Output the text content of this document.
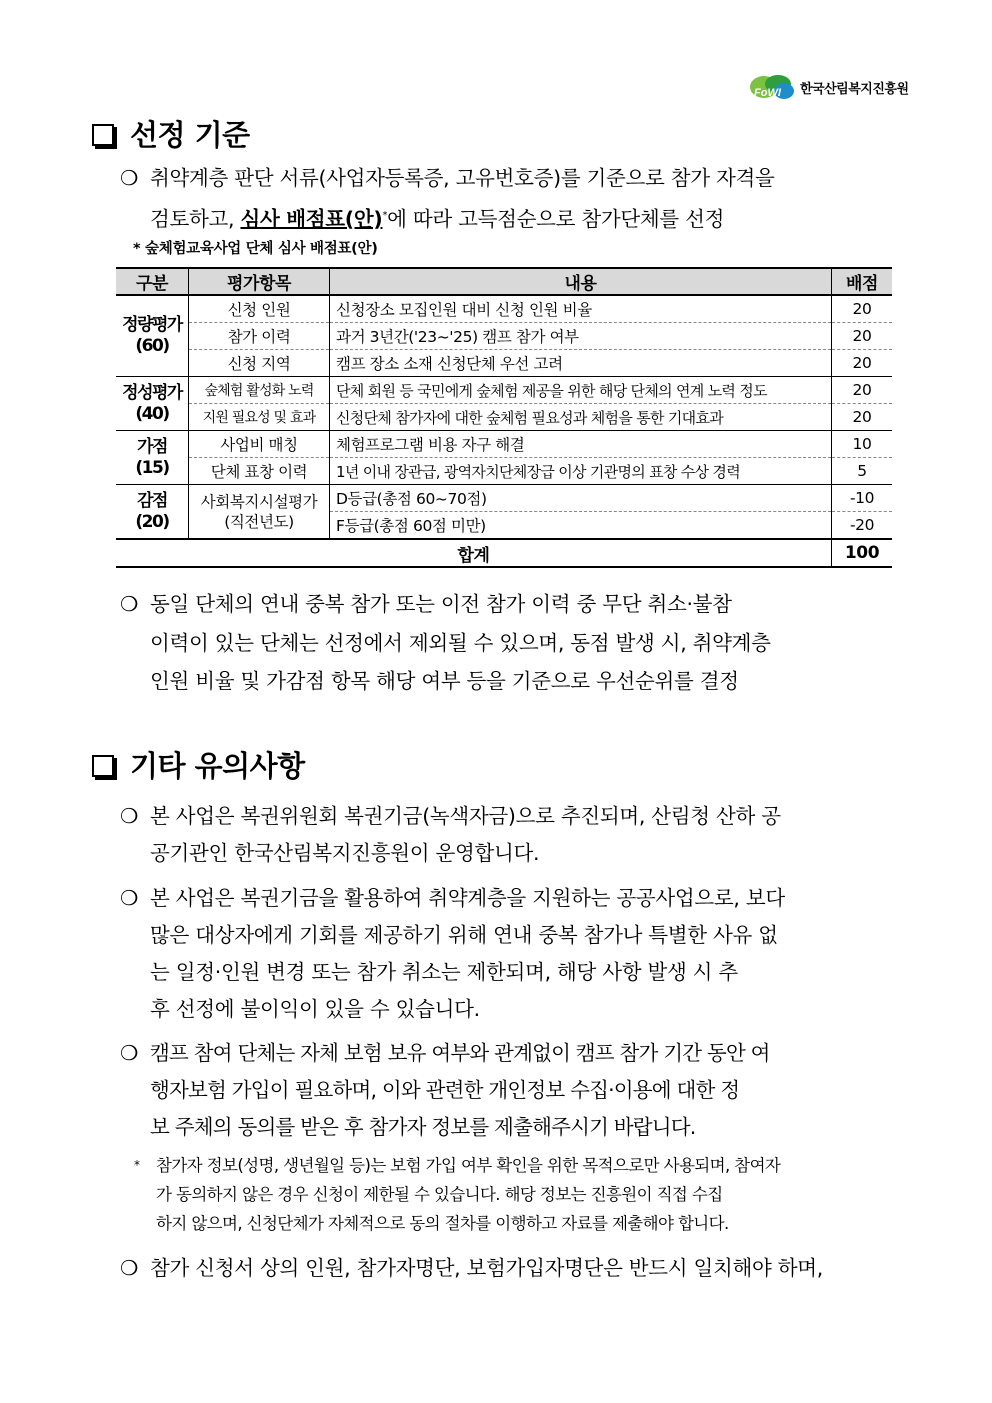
FoWI 한국산림복지진흥원
선정 기준
❍ 취약계층 판단 서류(사업자등록증, 고유번호증)를 기준으로 참가 자격을
검토하고, 심사 배점표(안)*에 따라 고득점순으로 참가단체를 선정
* 숲체험교육사업 단체 심사 배점표(안)
구분	평가항목	내용	배점
정량평가
(60)	신청 인원	신청장소 모집인원 대비 신청 인원 비율	20
	참가 이력	과거 3년간('23~'25) 캠프 참가 여부	20
	신청 지역	캠프 장소 소재 신청단체 우선 고려	20
정성평가
(40)	숲체험 활성화 노력	단체 회원 등 국민에게 숲체험 제공을 위한 해당 단체의 연계 노력 정도	20
	지원 필요성 및 효과	신청단체 참가자에 대한 숲체험 필요성과 체험을 통한 기대효과	20
가점
(15)	사업비 매칭	체험프로그램 비용 자구 해결	10
	단체 표창 이력	1년 이내 장관급, 광역자치단체장급 이상 기관명의 표창 수상 경력	5
감점
(20)	사회복지시설평가
(직전년도)	D등급(총점 60~70점)	-10
		F등급(총점 60점 미만)	-20
합계			100
❍ 동일 단체의 연내 중복 참가 또는 이전 참가 이력 중 무단 취소·불참
이력이 있는 단체는 선정에서 제외될 수 있으며, 동점 발생 시, 취약계층
인원 비율 및 가감점 항목 해당 여부 등을 기준으로 우선순위를 결정
기타 유의사항
❍ 본 사업은 복권위원회 복권기금(녹색자금)으로 추진되며, 산림청 산하 공
공기관인 한국산림복지진흥원이 운영합니다.
❍ 본 사업은 복권기금을 활용하여 취약계층을 지원하는 공공사업으로, 보다
많은 대상자에게 기회를 제공하기 위해 연내 중복 참가나 특별한 사유 없
는 일정·인원 변경 또는 참가 취소는 제한되며, 해당 사항 발생 시 추
후 선정에 불이익이 있을 수 있습니다.
❍ 캠프 참여 단체는 자체 보험 보유 여부와 관계없이 캠프 참가 기간 동안 여
행자보험 가입이 필요하며, 이와 관련한 개인정보 수집·이용에 대한 정
보 주체의 동의를 받은 후 참가자 정보를 제출해주시기 바랍니다.
* 참가자 정보(성명, 생년월일 등)는 보험 가입 여부 확인을 위한 목적으로만 사용되며, 참여자
가 동의하지 않은 경우 신청이 제한될 수 있습니다. 해당 정보는 진흥원이 직접 수집
하지 않으며, 신청단체가 자체적으로 동의 절차를 이행하고 자료를 제출해야 합니다.
❍ 참가 신청서 상의 인원, 참가자명단, 보험가입자명단은 반드시 일치해야 하며,
